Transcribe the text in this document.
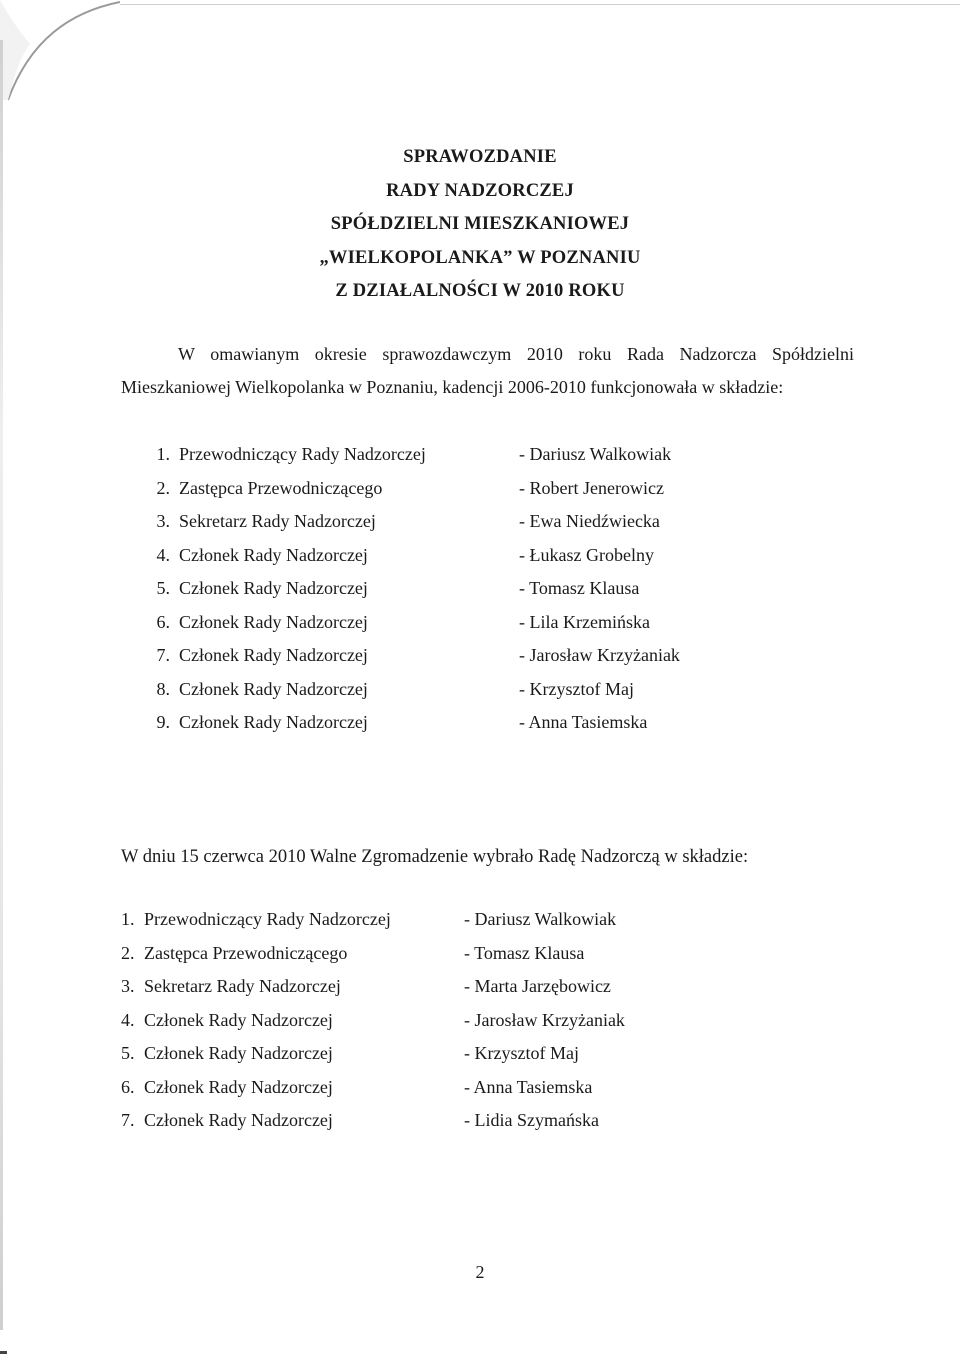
SPRAWOZDANIE
RADY NADZORCZEJ
SPÓŁDZIELNI MIESZKANIOWEJ
„WIELKOPOLANKA” W POZNANIU
Z DZIAŁALNOŚCI W 2010 ROKU

W omawianym okresie sprawozdawczym 2010 roku Rada Nadzorcza Spółdzielni Mieszkaniowej Wielkopolanka w Poznaniu, kadencji 2006-2010 funkcjonowała w składzie:

1. Przewodniczący Rady Nadzorczej	- Dariusz Walkowiak
2. Zastępca Przewodniczącego	- Robert Jenerowicz
3. Sekretarz Rady Nadzorczej	- Ewa Niedźwiecka
4. Członek Rady Nadzorczej	- Łukasz Grobelny
5. Członek Rady Nadzorczej	- Tomasz Klausa
6. Członek Rady Nadzorczej	- Lila Krzemińska
7. Członek Rady Nadzorczej	- Jarosław Krzyżaniak
8. Członek Rady Nadzorczej	- Krzysztof Maj
9. Członek Rady Nadzorczej	- Anna Tasiemska

W dniu 15 czerwca 2010 Walne Zgromadzenie wybrało Radę Nadzorczą w składzie:

1. Przewodniczący Rady Nadzorczej	- Dariusz Walkowiak
2. Zastępca Przewodniczącego	- Tomasz Klausa
3. Sekretarz Rady Nadzorczej	- Marta Jarzębowicz
4. Członek Rady Nadzorczej	- Jarosław Krzyżaniak
5. Członek Rady Nadzorczej	- Krzysztof Maj
6. Członek Rady Nadzorczej	- Anna Tasiemska
7. Członek Rady Nadzorczej	- Lidia Szymańska
2
